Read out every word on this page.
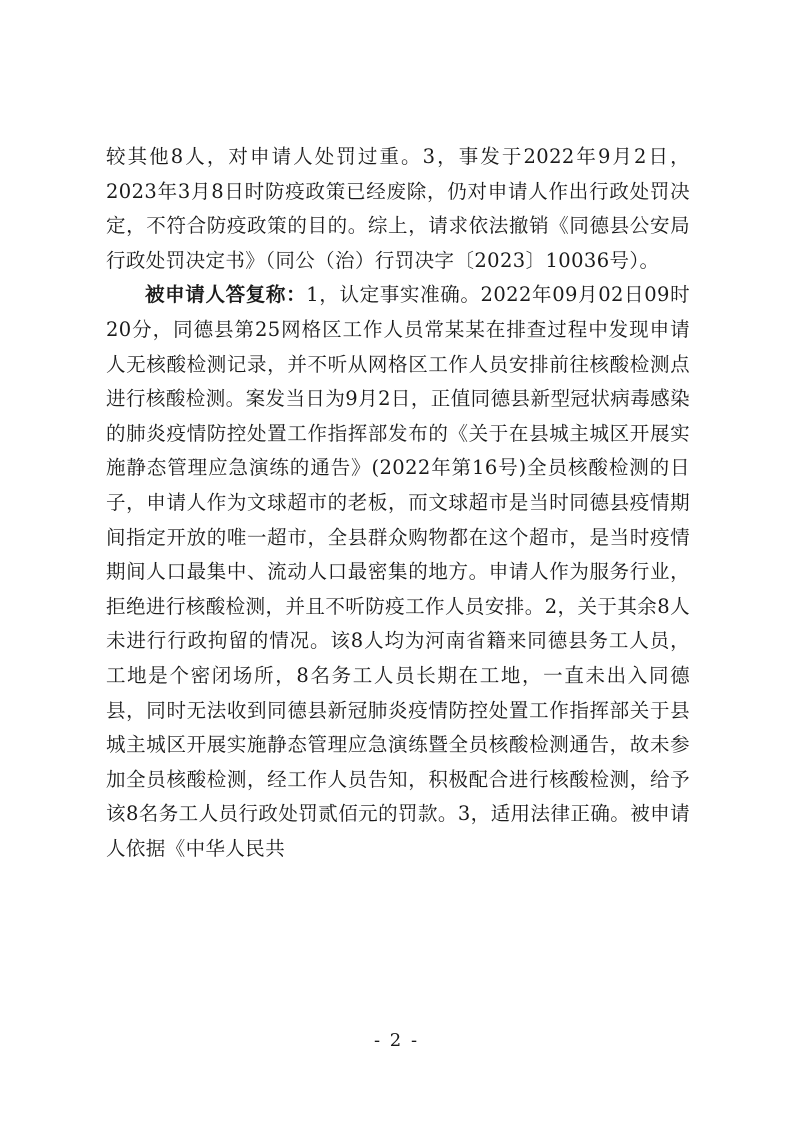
较其他8人，对申请人处罚过重。3，事发于2022年9月2日，2023年3月8日时防疫政策已经废除，仍对申请人作出行政处罚决定，不符合防疫政策的目的。综上，请求依法撤销《同德县公安局行政处罚决定书》（同公（治）行罚决字〔2023〕10036号）。

被申请人答复称：1，认定事实准确。2022年09月02日09时20分，同德县第25网格区工作人员常某某在排查过程中发现申请人无核酸检测记录，并不听从网格区工作人员安排前往核酸检测点进行核酸检测。案发当日为9月2日，正值同德县新型冠状病毒感染的肺炎疫情防控处置工作指挥部发布的《关于在县城主城区开展实施静态管理应急演练的通告》(2022年第16号)全员核酸检测的日子，申请人作为文球超市的老板，而文球超市是当时同德县疫情期间指定开放的唯一超市，全县群众购物都在这个超市，是当时疫情期间人口最集中、流动人口最密集的地方。申请人作为服务行业，拒绝进行核酸检测，并且不听防疫工作人员安排。2，关于其余8人未进行行政拘留的情况。该8人均为河南省籍来同德县务工人员，工地是个密闭场所，8名务工人员长期在工地，一直未出入同德县，同时无法收到同德县新冠肺炎疫情防控处置工作指挥部关于县城主城区开展实施静态管理应急演练暨全员核酸检测通告，故未参加全员核酸检测，经工作人员告知，积极配合进行核酸检测，给予该8名务工人员行政处罚贰佰元的罚款。3，适用法律正确。被申请人依据《中华人民共

- 2 -
